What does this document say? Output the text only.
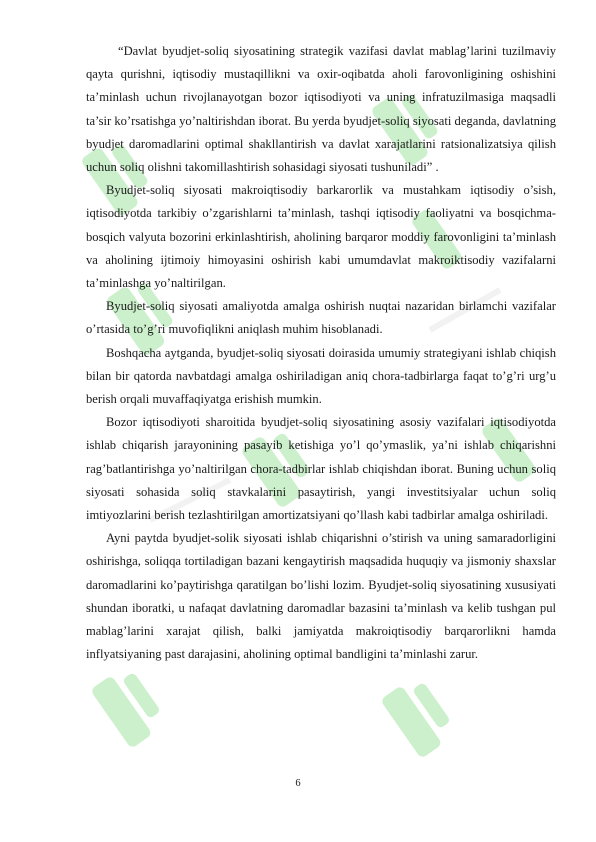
“Davlat byudjet-soliq siyosatining strategik vazifasi davlat mablag’larini tuzilmaviy qayta qurishni, iqtisodiy mustaqillikni va oxir-oqibatda aholi farovonligining oshishini ta’minlash uchun rivojlanayotgan bozor iqtisodiyoti va uning infratuzilmasiga maqsadli ta’sir ko’rsatishga yo’naltirishdan iborat. Bu yerda byudjet-soliq siyosati deganda, davlatning byudjet daromadlarini optimal shakllantirish va davlat xarajatlarini ratsionalizatsiya qilish uchun soliq olishni takomillashtirish sohasidagi siyosati tushuniladi” .

Byudjet-soliq siyosati makroiqtisodiy barkarorlik va mustahkam iqtisodiy o’sish, iqtisodiyotda tarkibiy o’zgarishlarni ta’minlash, tashqi iqtisodiy faoliyatni va bosqichma-bosqich valyuta bozorini erkinlashtirish, aholining barqaror moddiy farovonligini ta’minlash va aholining ijtimoiy himoyasini oshirish kabi umumdavlat makroiktisodiy vazifalarni ta’minlashga yo’naltirilgan.

Byudjet-soliq siyosati amaliyotda amalga oshirish nuqtai nazaridan birlamchi vazifalar o’rtasida to’g’ri muvofiqlikni aniqlash muhim hisoblanadi.

Boshqacha aytganda, byudjet-soliq siyosati doirasida umumiy strategiyani ishlab chiqish bilan bir qatorda navbatdagi amalga oshiriladigan aniq chora-tadbirlarga faqat to’g’ri urg’u berish orqali muvaffaqiyatga erishish mumkin.

Bozor iqtisodiyoti sharoitida byudjet-soliq siyosatining asosiy vazifalari iqtisodiyotda ishlab chiqarish jarayonining pasayib ketishiga yo’l qo’ymaslik, ya’ni ishlab chiqarishni rag’batlantirishga yo’naltirilgan chora-tadbirlar ishlab chiqishdan iborat. Buning uchun soliq siyosati sohasida soliq stavkalarini pasaytirish, yangi investitsiyalar uchun soliq imtiyozlarini berish tezlashtirilgan amortizatsiyani qo’llash kabi tadbirlar amalga oshiriladi.

Ayni paytda byudjet-solik siyosati ishlab chiqarishni o’stirish va uning samaradorligini oshirishga, soliqqa tortiladigan bazani kengaytirish maqsadida huquqiy va jismoniy shaxslar daromadlarini ko’paytirishga qaratilgan bo’lishi lozim. Byudjet-soliq siyosatining xususiyati shundan iboratki, u nafaqat davlatning daromadlar bazasini ta’minlash va kelib tushgan pul mablag’larini xarajat qilish, balki jamiyatda makroiqtisodiy barqarorlikni hamda inflyatsiyaning past darajasini, aholining optimal bandligini ta’minlashi zarur.

6
